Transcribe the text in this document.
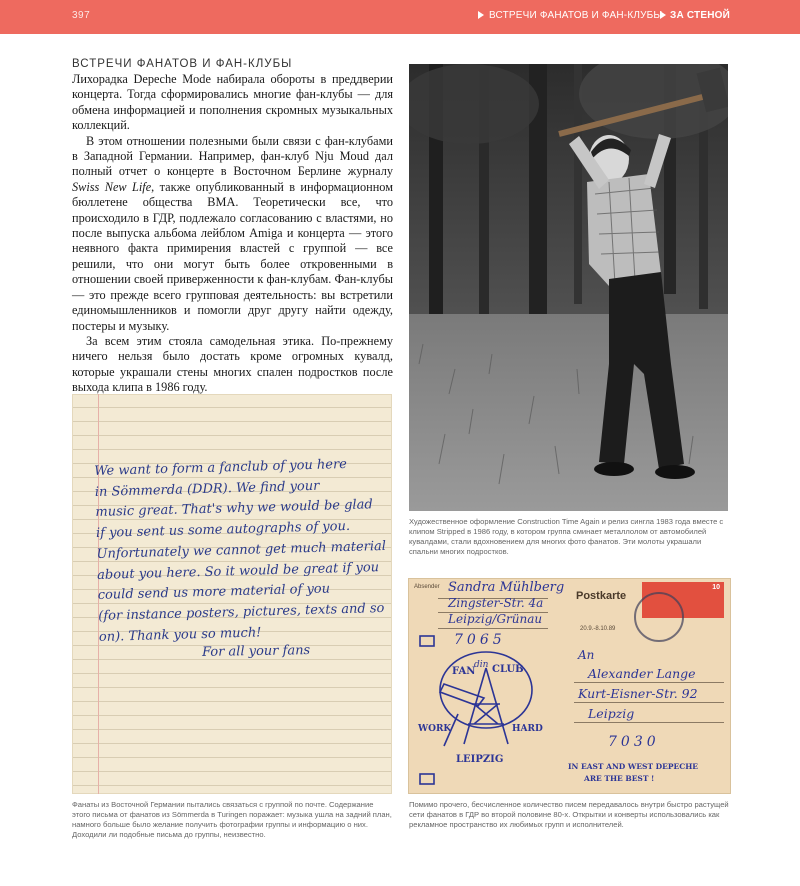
397	ВСТРЕЧИ ФАНАТОВ И ФАН-КЛУБЫ ЗА СТЕНОЙ
ВСТРЕЧИ ФАНАТОВ И ФАН-КЛУБЫ

Лихорадка Depeche Mode набирала обороты в преддверии концерта. Тогда сформировались многие фан-клубы — для обмена информацией и пополнения скромных музыкальных коллекций.

В этом отношении полезными были связи с фан-клубами в Западной Германии. Например, фан-клуб Nju Moud дал полный отчет о концерте в Восточном Берлине журналу Swiss New Life, также опубликованный в информационном бюллетене общества ВМА. Теоретически все, что происходило в ГДР, подлежало согласованию с властями, но после выпуска альбома лейблом Amiga и концерта — этого неявного факта примирения властей с группой — все решили, что они могут быть более откровенными в отношении своей приверженности к фан-клубам. Фан-клубы — это прежде всего групповая деятельность: вы встретили единомышленников и помогли друг другу найти одежду, постеры и музыку.

За всем этим стояла самодельная этика. По-прежнему ничего нельзя было достать кроме огромных кувалд, которые украшали стены многих спален подростков после выхода клипа в 1986 году.

Художественное оформление Construction Time Again и релиз сингла 1983 года вместе с клипом Stripped в 1986 году, в котором группа сминает металлолом от автомобилей кувалдами, стали вдохновением для многих фото фанатов. Эти молоты украшали спальни многих подростков.
We want to form a fanclub of you here
in Sömmerda (DDR). We find your
music great. That's why we would be glad
if you sent us some autographs of you.
Unfortunately we cannot get much material
about you here. So it would be great if you
could send us more material of you
(for instance posters, pictures, texts and so
on). Thank you so much!
For all your fans
Фанаты из Восточной Германии пытались связаться с группой по почте. Содержание этого письма от фанатов из Sömmerda в Turingen поражает: музыка ушла на задний план, намного больше было желание получить фотографии группы и информацию о них. Доходили ли подобные письма до группы, неизвестно.
Absender Sandra Mühlberg
Zingster-Str. 4a
Leipzig/Grünau
Postkarte
10
20.9.-8.10.89
7065
FAN
din CLUB
WORK	HARD
LEIPZIG
An
Alexander Lange
Kurt-Eisner-Str. 92
Leipzig
7030
IN EAST AND WEST DEPECHE
ARE THE BEST !
Помимо прочего, бесчисленное количество писем передавалось внутри быстро растущей сети фанатов в ГДР во второй половине 80-х. Открытки и конверты использовались как рекламное пространство их любимых групп и исполнителей.
